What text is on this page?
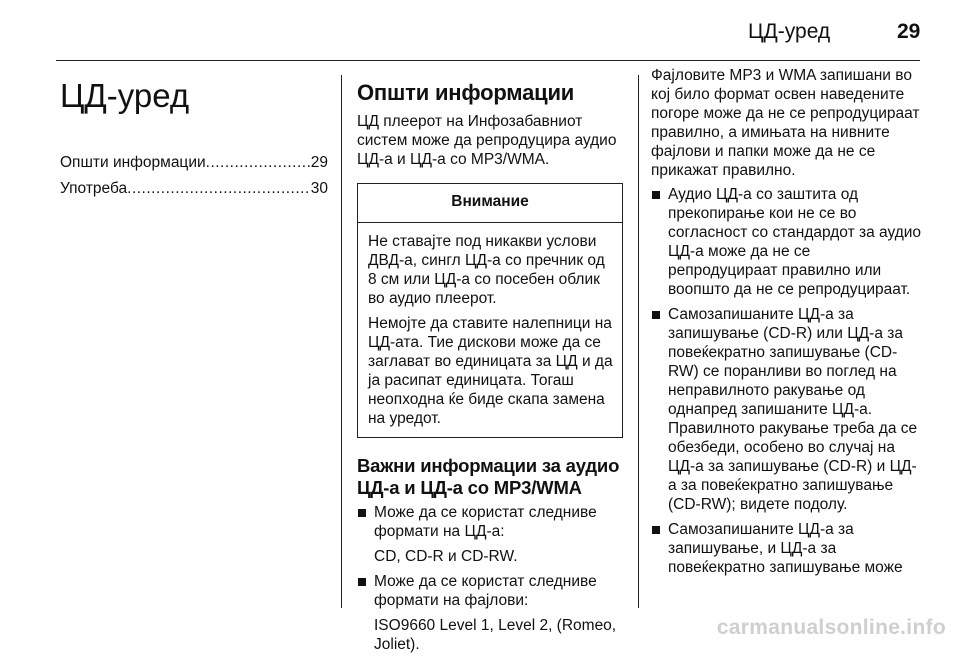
ЦД-уред	29
ЦД-уред
Општи информации .....	29
Употреба .....	30
Општи информации

ЦД плеерот на Инфозабавниот систем може да репродуцира аудио ЦД-а и ЦД-а со MP3/WMA.

Внимание

Не ставајте под никакви услови ДВД-а, сингл ЦД-а со пречник од 8 см или ЦД-а со посебен облик во аудио плеерот.

Немојте да ставите налепници на ЦД-ата. Тие дискови може да се заглават во единицата за ЦД и да ја расипат единицата. Тогаш неопходна ќе биде скапа замена на уредот.

Важни информации за аудио ЦД-а и ЦД-а со MP3/WMA
Може да се користат следниве формати на ЦД-а:
CD, CD-R и CD-RW.
Може да се користат следниве формати на фајлови:
ISO9660 Level 1, Level 2, (Romeo, Joliet).

Фајловите MP3 и WMA запишани во кој било формат освен наведените погоре може да не се репродуцираат правилно, а имињата на нивните фајлови и папки може да не се прикажат правилно.

Аудио ЦД-а со заштита од прекопирање кои не се во согласност со стандардот за аудио ЦД-а може да не се репродуцираат правилно или воопшто да не се репродуцираат.
Самозапишаните ЦД-а за запишување (CD-R) или ЦД-а за повеќекратно запишување (CD-RW) се поранливи во поглед на неправилното ракување од однапред запишаните ЦД-а. Правилното ракување треба да се обезбеди, особено во случај на ЦД-а за запишување (CD-R) и ЦД-а за повеќекратно запишување (CD-RW); видете подолу.
Самозапишаните ЦД-а за запишување, и ЦД-а за повеќекратно запишување може
carmanualsonline.info
